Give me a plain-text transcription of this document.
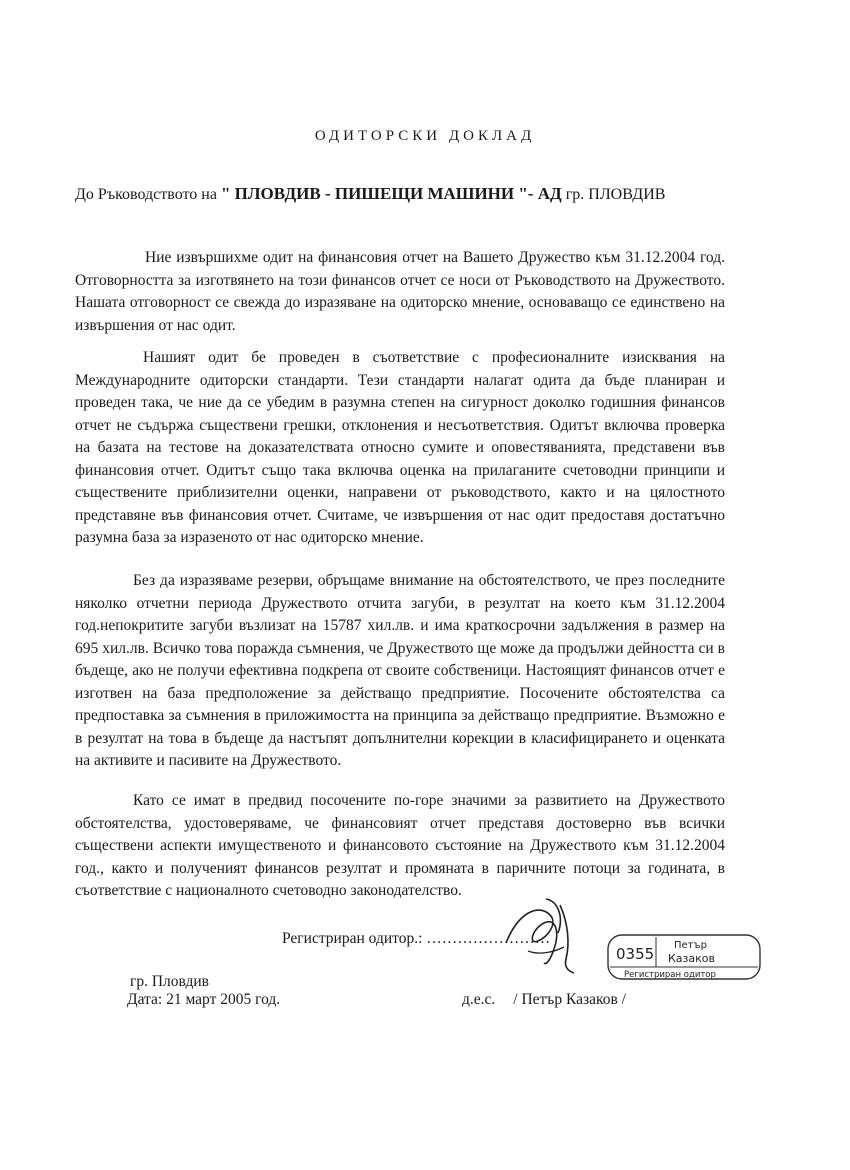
ОДИТОРСКИ ДОКЛАД
До Ръководството на " ПЛОВДИВ - ПИШЕЩИ МАШИНИ "- АД гр. ПЛОВДИВ

Ние извършихме одит на финансовия отчет на Вашето Дружество към 31.12.2004 год. Отговорността за изготвянето на този финансов отчет се носи от Ръководството на Дружеството. Нашата отговорност се свежда до изразяване на одиторско мнение, основаващо се единствено на извършения от нас одит.

Нашият одит бе проведен в съответствие с професионалните изисквания на Международните одиторски стандарти. Тези стандарти налагат одита да бъде планиран и проведен така, че ние да се убедим в разумна степен на сигурност доколко годишния финансов отчет не съдържа съществени грешки, отклонения и несъответствия. Одитът включва проверка на базата на тестове на доказателствата относно сумите и оповестяванията, представени във финансовия отчет. Одитът също така включва оценка на прилаганите счетоводни принципи и съществените приблизителни оценки, направени от ръководството, както и на цялостното представяне във финансовия отчет. Считаме, че извършения от нас одит предоставя достатъчно разумна база за изразеното от нас одиторско мнение.

Без да изразяваме резерви, обръщаме внимание на обстоятелството, че през последните няколко отчетни периода Дружеството отчита загуби, в резултат на което към 31.12.2004 год.непокритите загуби възлизат на 15787 хил.лв. и има краткосрочни задължения в размер на 695 хил.лв. Всичко това поражда съмнения, че Дружеството ще може да продължи дейността си в бъдеще, ако не получи ефективна подкрепа от своите собственици. Настоящият финансов отчет е изготвен на база предположение за действащо предприятие. Посочените обстоятелства са предпоставка за съмнения в приложимостта на принципа за действащо предприятие. Възможно е в резултат на това в бъдеще да настъпят допълнителни корекции в класифицирането и оценката на активите и пасивите на Дружеството.

Като се имат в предвид посочените по-горе значими за развитието на Дружеството обстоятелства, удостоверяваме, че финансовият отчет представя достоверно във всички съществени аспекти имущественото и финансовото състояние на Дружеството към 31.12.2004 год., както и полученият финансов резултат и промяната в паричните потоци за годината, в съответствие с националното счетоводно законодателство.

Регистриран одитор.: ……………………
0355 Петър
Казаков
Регистриран одитор
гр. Пловдив
Дата: 21 март 2005 год.	д.е.с. / Петър Казаков /
